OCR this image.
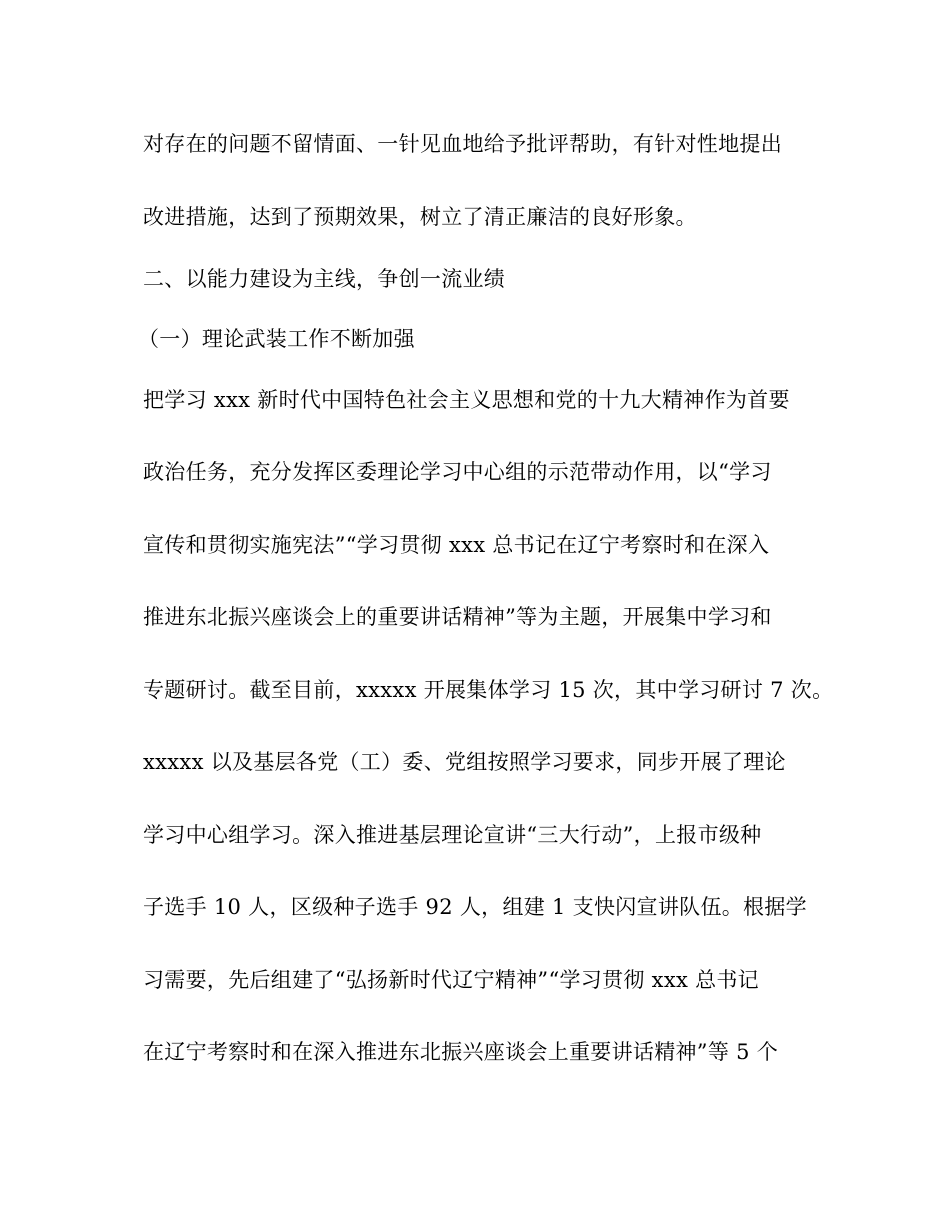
对存在的问题不留情面、一针见血地给予批评帮助，有针对性地提出
改进措施，达到了预期效果，树立了清正廉洁的良好形象。
二、以能力建设为主线，争创一流业绩
（一）理论武装工作不断加强
把学习 xxx 新时代中国特色社会主义思想和党的十九大精神作为首要
政治任务，充分发挥区委理论学习中心组的示范带动作用，以“学习
宣传和贯彻实施宪法”“学习贯彻 xxx 总书记在辽宁考察时和在深入
推进东北振兴座谈会上的重要讲话精神”等为主题，开展集中学习和
专题研讨。截至目前，xxxxx 开展集体学习 15 次，其中学习研讨 7 次。
xxxxx 以及基层各党（工）委、党组按照学习要求，同步开展了理论
学习中心组学习。深入推进基层理论宣讲“三大行动”，上报市级种
子选手 10 人，区级种子选手 92 人，组建 1 支快闪宣讲队伍。根据学
习需要，先后组建了“弘扬新时代辽宁精神”“学习贯彻 xxx 总书记
在辽宁考察时和在深入推进东北振兴座谈会上重要讲话精神”等 5 个
